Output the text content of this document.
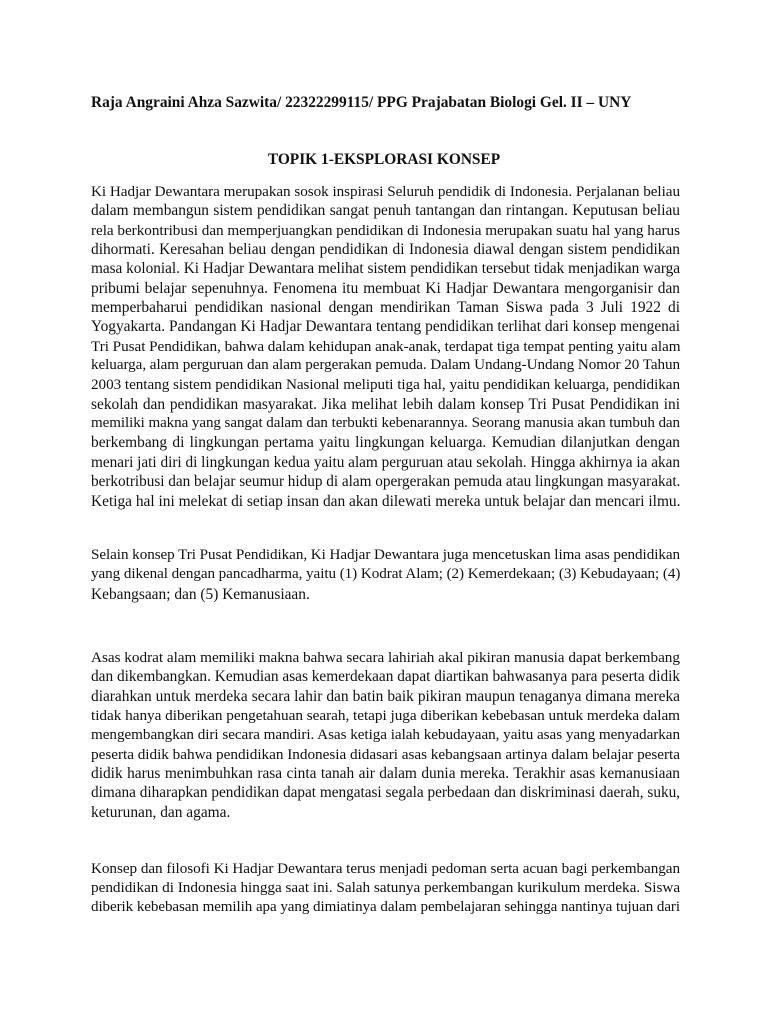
Raja Angraini Ahza Sazwita/ 22322299115/ PPG Prajabatan Biologi Gel. II – UNY
TOPIK 1-EKSPLORASI KONSEP
Ki Hadjar Dewantara merupakan sosok inspirasi Seluruh pendidik di Indonesia. Perjalanan beliau
dalam membangun sistem pendidikan sangat penuh tantangan dan rintangan. Keputusan beliau
rela berkontribusi dan memperjuangkan pendidikan di Indonesia merupakan suatu hal yang harus
dihormati. Keresahan beliau dengan pendidikan di Indonesia diawal dengan sistem pendidikan
masa kolonial. Ki Hadjar Dewantara melihat sistem pendidikan tersebut tidak menjadikan warga
pribumi belajar sepenuhnya. Fenomena itu membuat Ki Hadjar Dewantara mengorganisir dan
memperbaharui pendidikan nasional dengan mendirikan Taman Siswa pada 3 Juli 1922 di
Yogyakarta. Pandangan Ki Hadjar Dewantara tentang pendidikan terlihat dari konsep mengenai
Tri Pusat Pendidikan, bahwa dalam kehidupan anak-anak, terdapat tiga tempat penting yaitu alam
keluarga, alam perguruan dan alam pergerakan pemuda. Dalam Undang-Undang Nomor 20 Tahun
2003 tentang sistem pendidikan Nasional meliputi tiga hal, yaitu pendidikan keluarga, pendidikan
sekolah dan pendidikan masyarakat. Jika melihat lebih dalam konsep Tri Pusat Pendidikan ini
memiliki makna yang sangat dalam dan terbukti kebenarannya. Seorang manusia akan tumbuh dan
berkembang di lingkungan pertama yaitu lingkungan keluarga. Kemudian dilanjutkan dengan
menari jati diri di lingkungan kedua yaitu alam perguruan atau sekolah. Hingga akhirnya ia akan
berkotribusi dan belajar seumur hidup di alam opergerakan pemuda atau lingkungan masyarakat.
Ketiga hal ini melekat di setiap insan dan akan dilewati mereka untuk belajar dan mencari ilmu.
Selain konsep Tri Pusat Pendidikan, Ki Hadjar Dewantara juga mencetuskan lima asas pendidikan
yang dikenal dengan pancadharma, yaitu (1) Kodrat Alam; (2) Kemerdekaan; (3) Kebudayaan; (4)
Kebangsaan; dan (5) Kemanusiaan.
Asas kodrat alam memiliki makna bahwa secara lahiriah akal pikiran manusia dapat berkembang
dan dikembangkan. Kemudian asas kemerdekaan dapat diartikan bahwasanya para peserta didik
diarahkan untuk merdeka secara lahir dan batin baik pikiran maupun tenaganya dimana mereka
tidak hanya diberikan pengetahuan searah, tetapi juga diberikan kebebasan untuk merdeka dalam
mengembangkan diri secara mandiri. Asas ketiga ialah kebudayaan, yaitu asas yang menyadarkan
peserta didik bahwa pendidikan Indonesia didasari asas kebangsaan artinya dalam belajar peserta
didik harus menimbuhkan rasa cinta tanah air dalam dunia mereka. Terakhir asas kemanusiaan
dimana diharapkan pendidikan dapat mengatasi segala perbedaan dan diskriminasi daerah, suku,
keturunan, dan agama.
Konsep dan filosofi Ki Hadjar Dewantara terus menjadi pedoman serta acuan bagi perkembangan
pendidikan di Indonesia hingga saat ini. Salah satunya perkembangan kurikulum merdeka. Siswa
diberik kebebasan memilih apa yang dimiatinya dalam pembelajaran sehingga nantinya tujuan dari
